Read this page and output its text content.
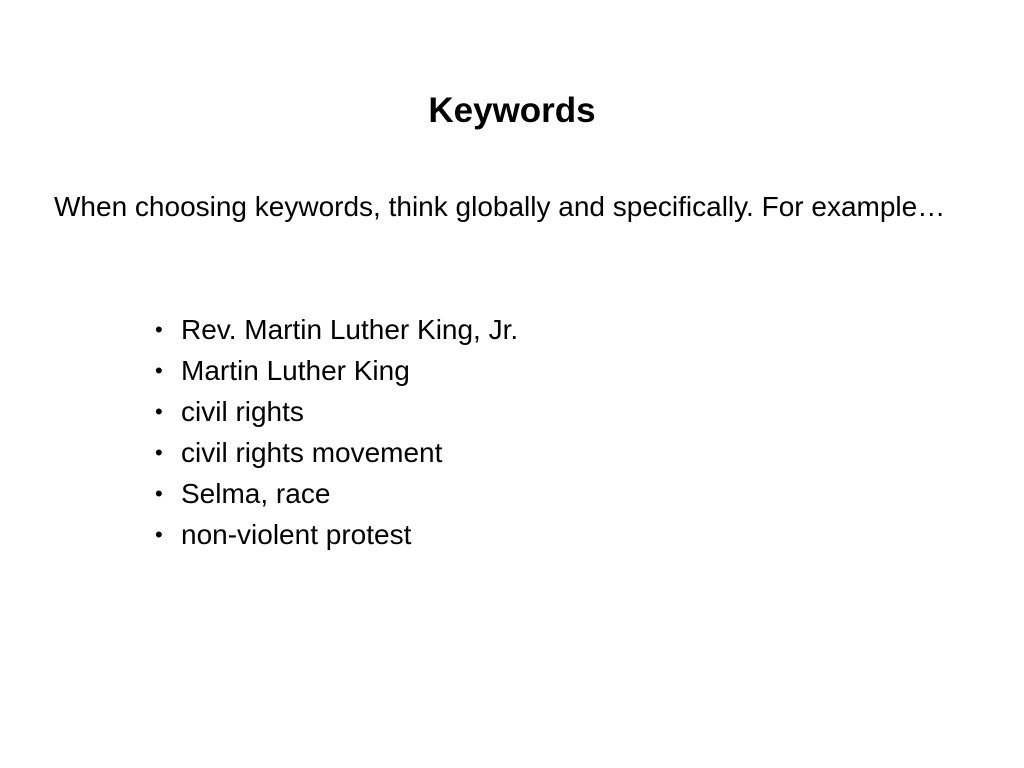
Keywords

When choosing keywords, think globally and specifically. For example…

• Rev. Martin Luther King, Jr.
• Martin Luther King
• civil rights
• civil rights movement
• Selma, race
• non-violent protest
